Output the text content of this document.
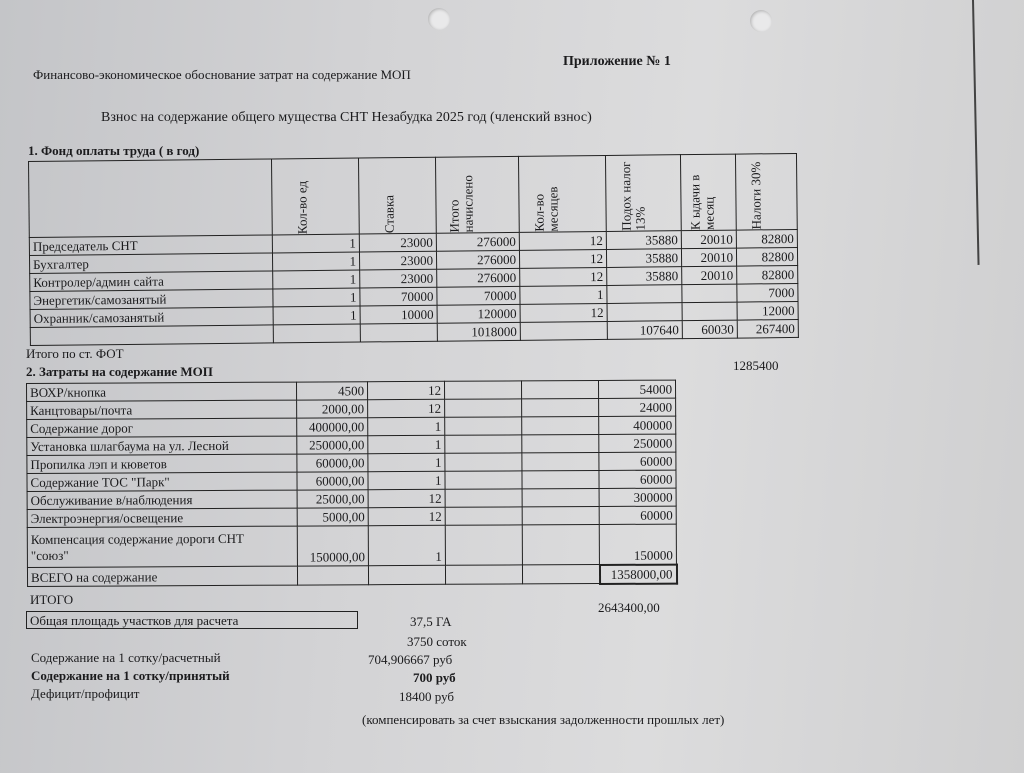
Приложение № 1
Финансово-экономическое обоснование затрат на содержание МОП
Взнос на содержание общего мущества СНТ Незабудка 2025 год (членский взнос)
1. Фонд оплаты труда ( в год)

	Кол-во ед	Ставка	Итого начислено	Кол-во месяцев	Подох налог 13%	К ыдачи в месяц	Налоги 30%

Председатель СНТ	1	23000	276000	12	35880	20010	82800
Бухгалтер	1	23000	276000	12	35880	20010	82800
Контролер/админ сайта	1	23000	276000	12	35880	20010	82800
Энергетик/самозанятый	1	70000	70000	1			7000
Охранник/самозанятый	1	10000	120000	12			12000
			1018000		107640	60030	267400
Итого по ст. ФОТ
1285400
2. Затраты на содержание МОП
ВОХР/кнопка	4500	12			54000
Канцтовары/почта	2000,00	12			24000
Содержание дорог	400000,00	1			400000
Установка шлагбаума на ул. Лесной	250000,00	1			250000
Пропилка лэп и кюветов	60000,00	1			60000
Содержание ТОС "Парк"	60000,00	1			60000
Обслуживание в/наблюдения	25000,00	12			300000
Электроэнергия/освещение	5000,00	12			60000

Компенсация содержание дороги СНТ
"союз"	150000,00	1			150000
ВСЕГО на содержание					1358000,00
ИТОГО
2643400,00
Общая площадь участков для расчета	37,5 ГА
3750 соток
Содержание на 1 сотку/расчетный	704,906667 руб
Содержание на 1 сотку/принятый	700 руб
Дефицит/профицит	18400 руб
(компенсировать за счет взыскания задолженности прошлых лет)
